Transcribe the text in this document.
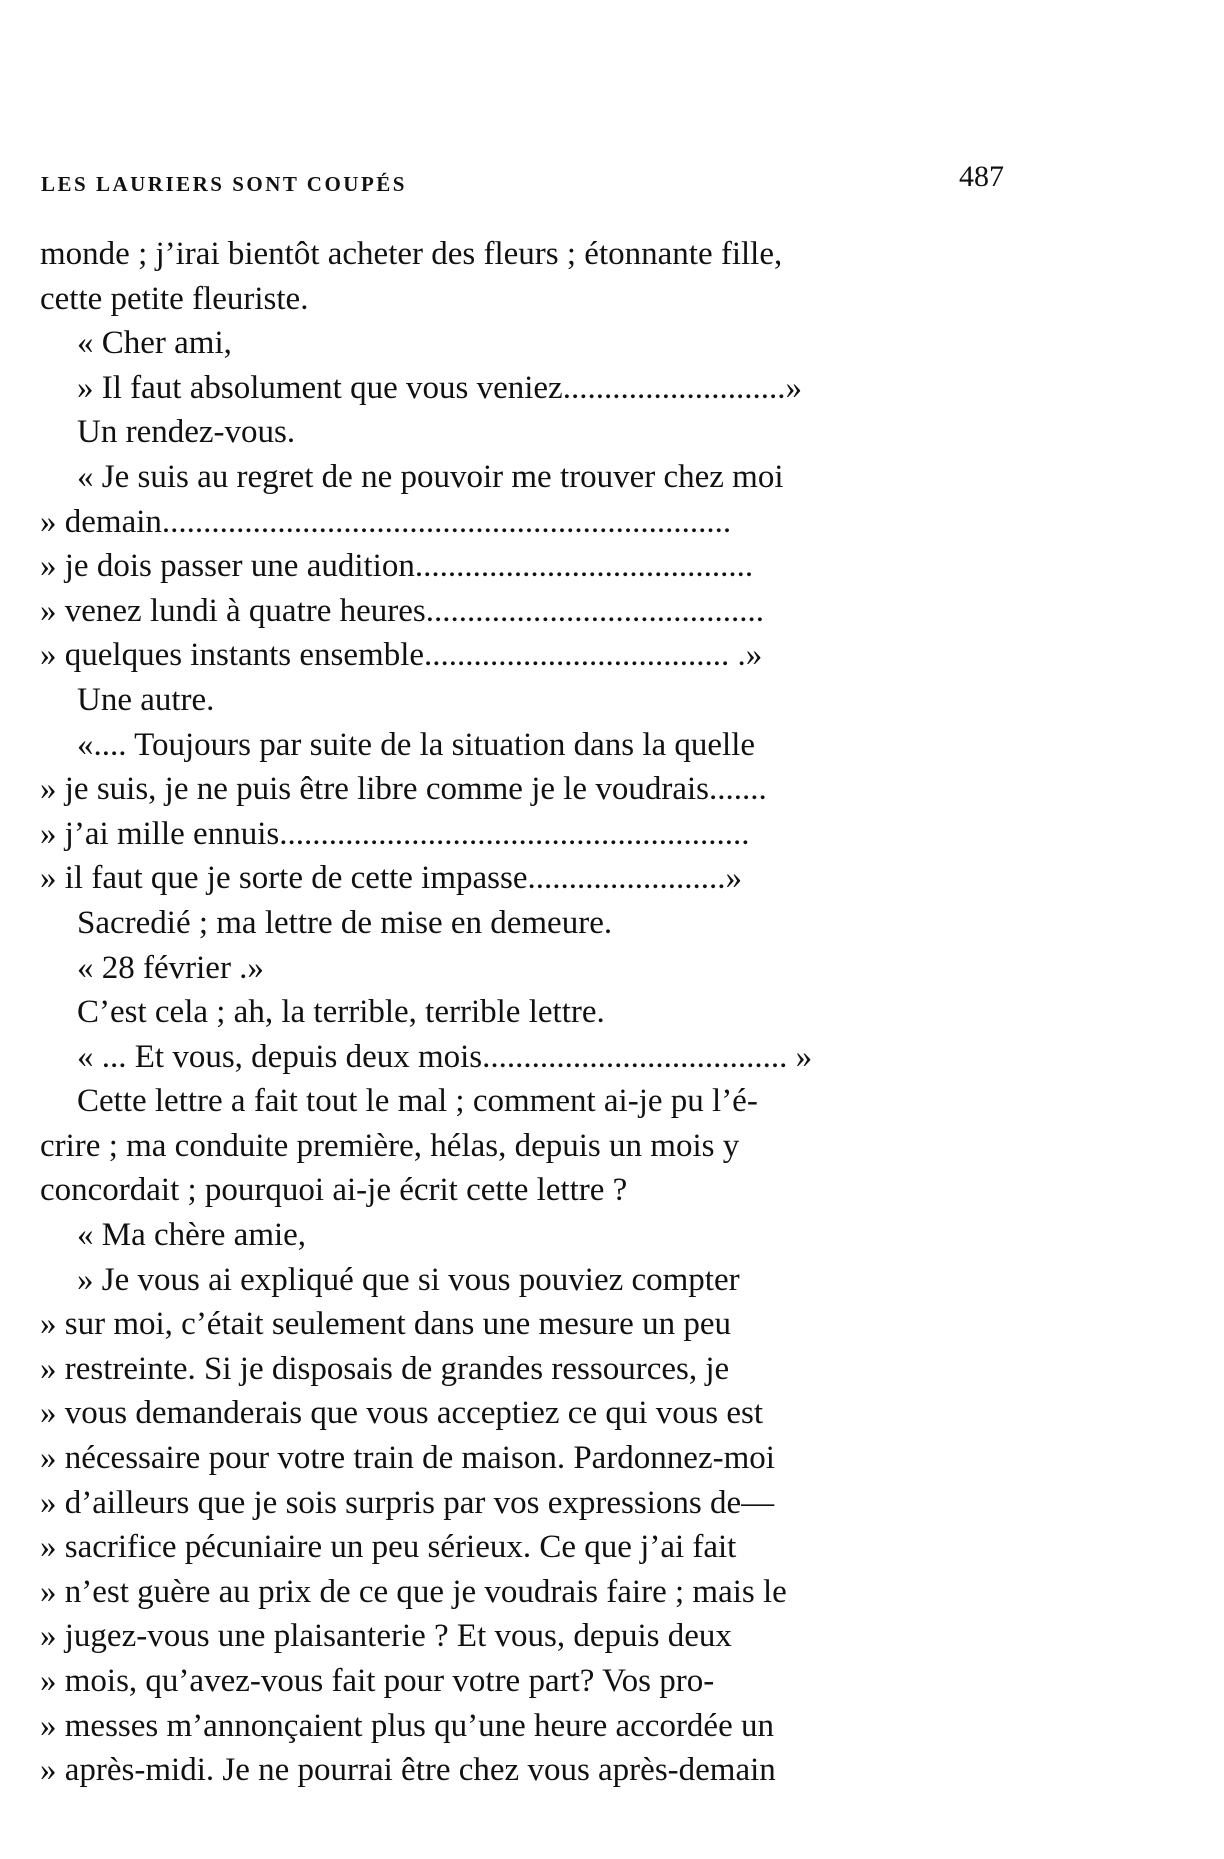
LES LAURIERS SONT COUPÉS	487
monde ; j’irai bientôt acheter des fleurs ; étonnante fille,
cette petite fleuriste.
« Cher ami,
» Il faut absolument que vous veniez...........................»
Un rendez-vous.
« Je suis au regret de ne pouvoir me trouver chez moi
» demain.....................................................................
» je dois passer une audition.........................................
» venez lundi à quatre heures.........................................
» quelques instants ensemble..................................... .»
Une autre.
«.... Toujours par suite de la situation dans la quelle
» je suis, je ne puis être libre comme je le voudrais.......
» j’ai mille ennuis.........................................................
» il faut que je sorte de cette impasse........................»
Sacredié ; ma lettre de mise en demeure.
« 28 février .»
C’est cela ; ah, la terrible, terrible lettre.
« ... Et vous, depuis deux mois..................................... »
Cette lettre a fait tout le mal ; comment ai-je pu l’é-
crire ; ma conduite première, hélas, depuis un mois y
concordait ; pourquoi ai-je écrit cette lettre ?
« Ma chère amie,
» Je vous ai expliqué que si vous pouviez compter
» sur moi, c’était seulement dans une mesure un peu
» restreinte. Si je disposais de grandes ressources, je
» vous demanderais que vous acceptiez ce qui vous est
» nécessaire pour votre train de maison. Pardonnez-moi
» d’ailleurs que je sois surpris par vos expressions de—
» sacrifice pécuniaire un peu sérieux. Ce que j’ai fait
» n’est guère au prix de ce que je voudrais faire ; mais le
» jugez-vous une plaisanterie ? Et vous, depuis deux
» mois, qu’avez-vous fait pour votre part? Vos pro-
» messes m’annonçaient plus qu’une heure accordée un
» après-midi. Je ne pourrai être chez vous après-demain
